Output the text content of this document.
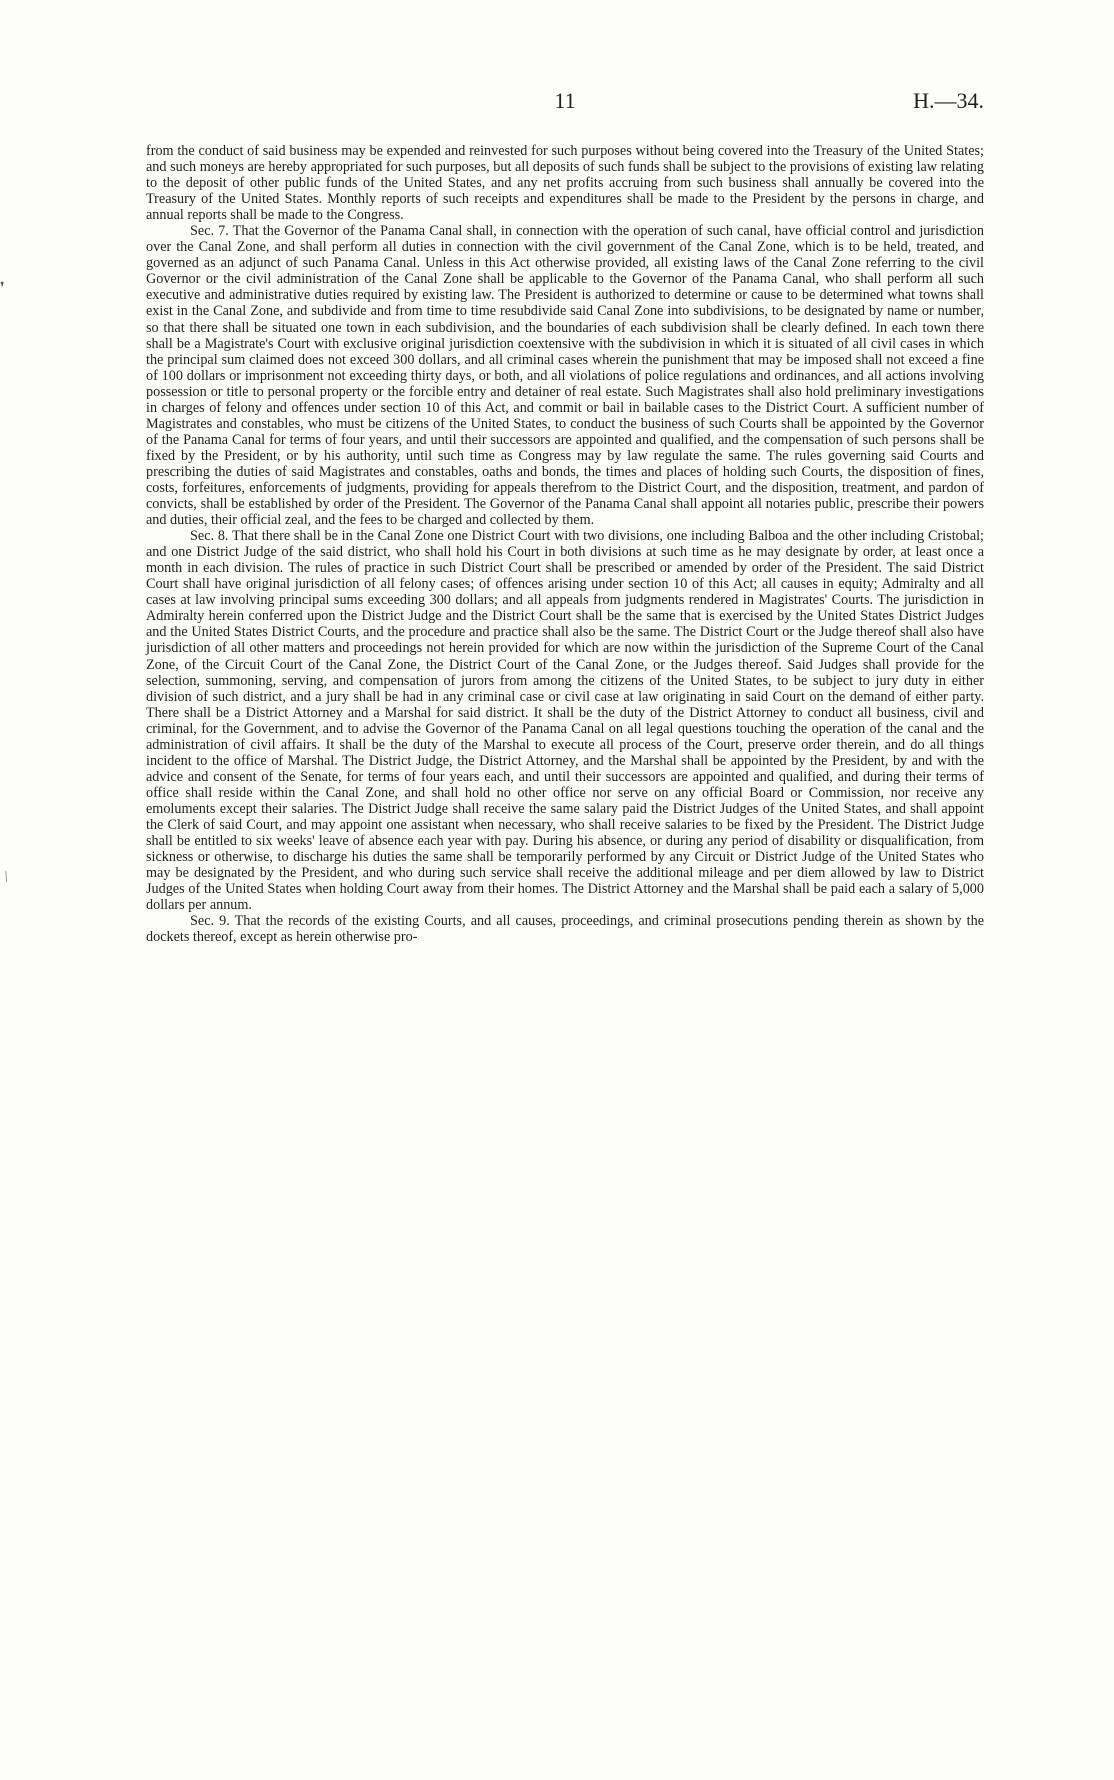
11	H.—34.
❜
⁄

from the conduct of said business may be expended and reinvested for such purposes without being covered into the Treasury of the United States; and such moneys are hereby appropriated for such purposes, but all deposits of such funds shall be subject to the provisions of existing law relating to the deposit of other public funds of the United States, and any net profits accruing from such business shall annually be covered into the Treasury of the United States. Monthly reports of such receipts and expenditures shall be made to the President by the persons in charge, and annual reports shall be made to the Congress.

Sec. 7. That the Governor of the Panama Canal shall, in connection with the operation of such canal, have official control and jurisdiction over the Canal Zone, and shall perform all duties in connection with the civil government of the Canal Zone, which is to be held, treated, and governed as an adjunct of such Panama Canal. Unless in this Act otherwise provided, all existing laws of the Canal Zone referring to the civil Governor or the civil administration of the Canal Zone shall be applicable to the Governor of the Panama Canal, who shall perform all such executive and administrative duties required by existing law. The President is authorized to determine or cause to be determined what towns shall exist in the Canal Zone, and subdivide and from time to time resubdivide said Canal Zone into subdivisions, to be designated by name or number, so that there shall be situated one town in each subdivision, and the boundaries of each subdivision shall be clearly defined. In each town there shall be a Magistrate's Court with exclusive original jurisdiction coextensive with the subdivision in which it is situated of all civil cases in which the principal sum claimed does not exceed 300 dollars, and all criminal cases wherein the punishment that may be imposed shall not exceed a fine of 100 dollars or imprisonment not exceeding thirty days, or both, and all violations of police regulations and ordinances, and all actions involving possession or title to personal property or the forcible entry and detainer of real estate. Such Magistrates shall also hold preliminary investigations in charges of felony and offences under section 10 of this Act, and commit or bail in bailable cases to the District Court. A sufficient number of Magistrates and constables, who must be citizens of the United States, to conduct the business of such Courts shall be appointed by the Governor of the Panama Canal for terms of four years, and until their successors are appointed and qualified, and the compensation of such persons shall be fixed by the President, or by his authority, until such time as Congress may by law regulate the same. The rules governing said Courts and prescribing the duties of said Magistrates and constables, oaths and bonds, the times and places of holding such Courts, the disposition of fines, costs, forfeitures, enforcements of judgments, providing for appeals therefrom to the District Court, and the disposition, treatment, and pardon of convicts, shall be established by order of the President. The Governor of the Panama Canal shall appoint all notaries public, prescribe their powers and duties, their official zeal, and the fees to be charged and collected by them.

Sec. 8. That there shall be in the Canal Zone one District Court with two divisions, one including Balboa and the other including Cristobal; and one District Judge of the said district, who shall hold his Court in both divisions at such time as he may designate by order, at least once a month in each division. The rules of practice in such District Court shall be prescribed or amended by order of the President. The said District Court shall have original jurisdiction of all felony cases; of offences arising under section 10 of this Act; all causes in equity; Admiralty and all cases at law involving principal sums exceeding 300 dollars; and all appeals from judgments rendered in Magistrates' Courts. The jurisdiction in Admiralty herein conferred upon the District Judge and the District Court shall be the same that is exercised by the United States District Judges and the United States District Courts, and the procedure and practice shall also be the same. The District Court or the Judge thereof shall also have jurisdiction of all other matters and proceedings not herein provided for which are now within the jurisdiction of the Supreme Court of the Canal Zone, of the Circuit Court of the Canal Zone, the District Court of the Canal Zone, or the Judges thereof. Said Judges shall provide for the selection, summoning, serving, and compensation of jurors from among the citizens of the United States, to be subject to jury duty in either division of such district, and a jury shall be had in any criminal case or civil case at law originating in said Court on the demand of either party. There shall be a District Attorney and a Marshal for said district. It shall be the duty of the District Attorney to conduct all business, civil and criminal, for the Government, and to advise the Governor of the Panama Canal on all legal questions touching the operation of the canal and the administration of civil affairs. It shall be the duty of the Marshal to execute all process of the Court, preserve order therein, and do all things incident to the office of Marshal. The District Judge, the District Attorney, and the Marshal shall be appointed by the President, by and with the advice and consent of the Senate, for terms of four years each, and until their successors are appointed and qualified, and during their terms of office shall reside within the Canal Zone, and shall hold no other office nor serve on any official Board or Commission, nor receive any emoluments except their salaries. The District Judge shall receive the same salary paid the District Judges of the United States, and shall appoint the Clerk of said Court, and may appoint one assistant when necessary, who shall receive salaries to be fixed by the President. The District Judge shall be entitled to six weeks' leave of absence each year with pay. During his absence, or during any period of disability or disqualification, from sickness or otherwise, to discharge his duties the same shall be temporarily performed by any Circuit or District Judge of the United States who may be designated by the President, and who during such service shall receive the additional mileage and per diem allowed by law to District Judges of the United States when holding Court away from their homes. The District Attorney and the Marshal shall be paid each a salary of 5,000 dollars per annum.

Sec. 9. That the records of the existing Courts, and all causes, proceedings, and criminal prosecutions pending therein as shown by the dockets thereof, except as herein otherwise pro-
